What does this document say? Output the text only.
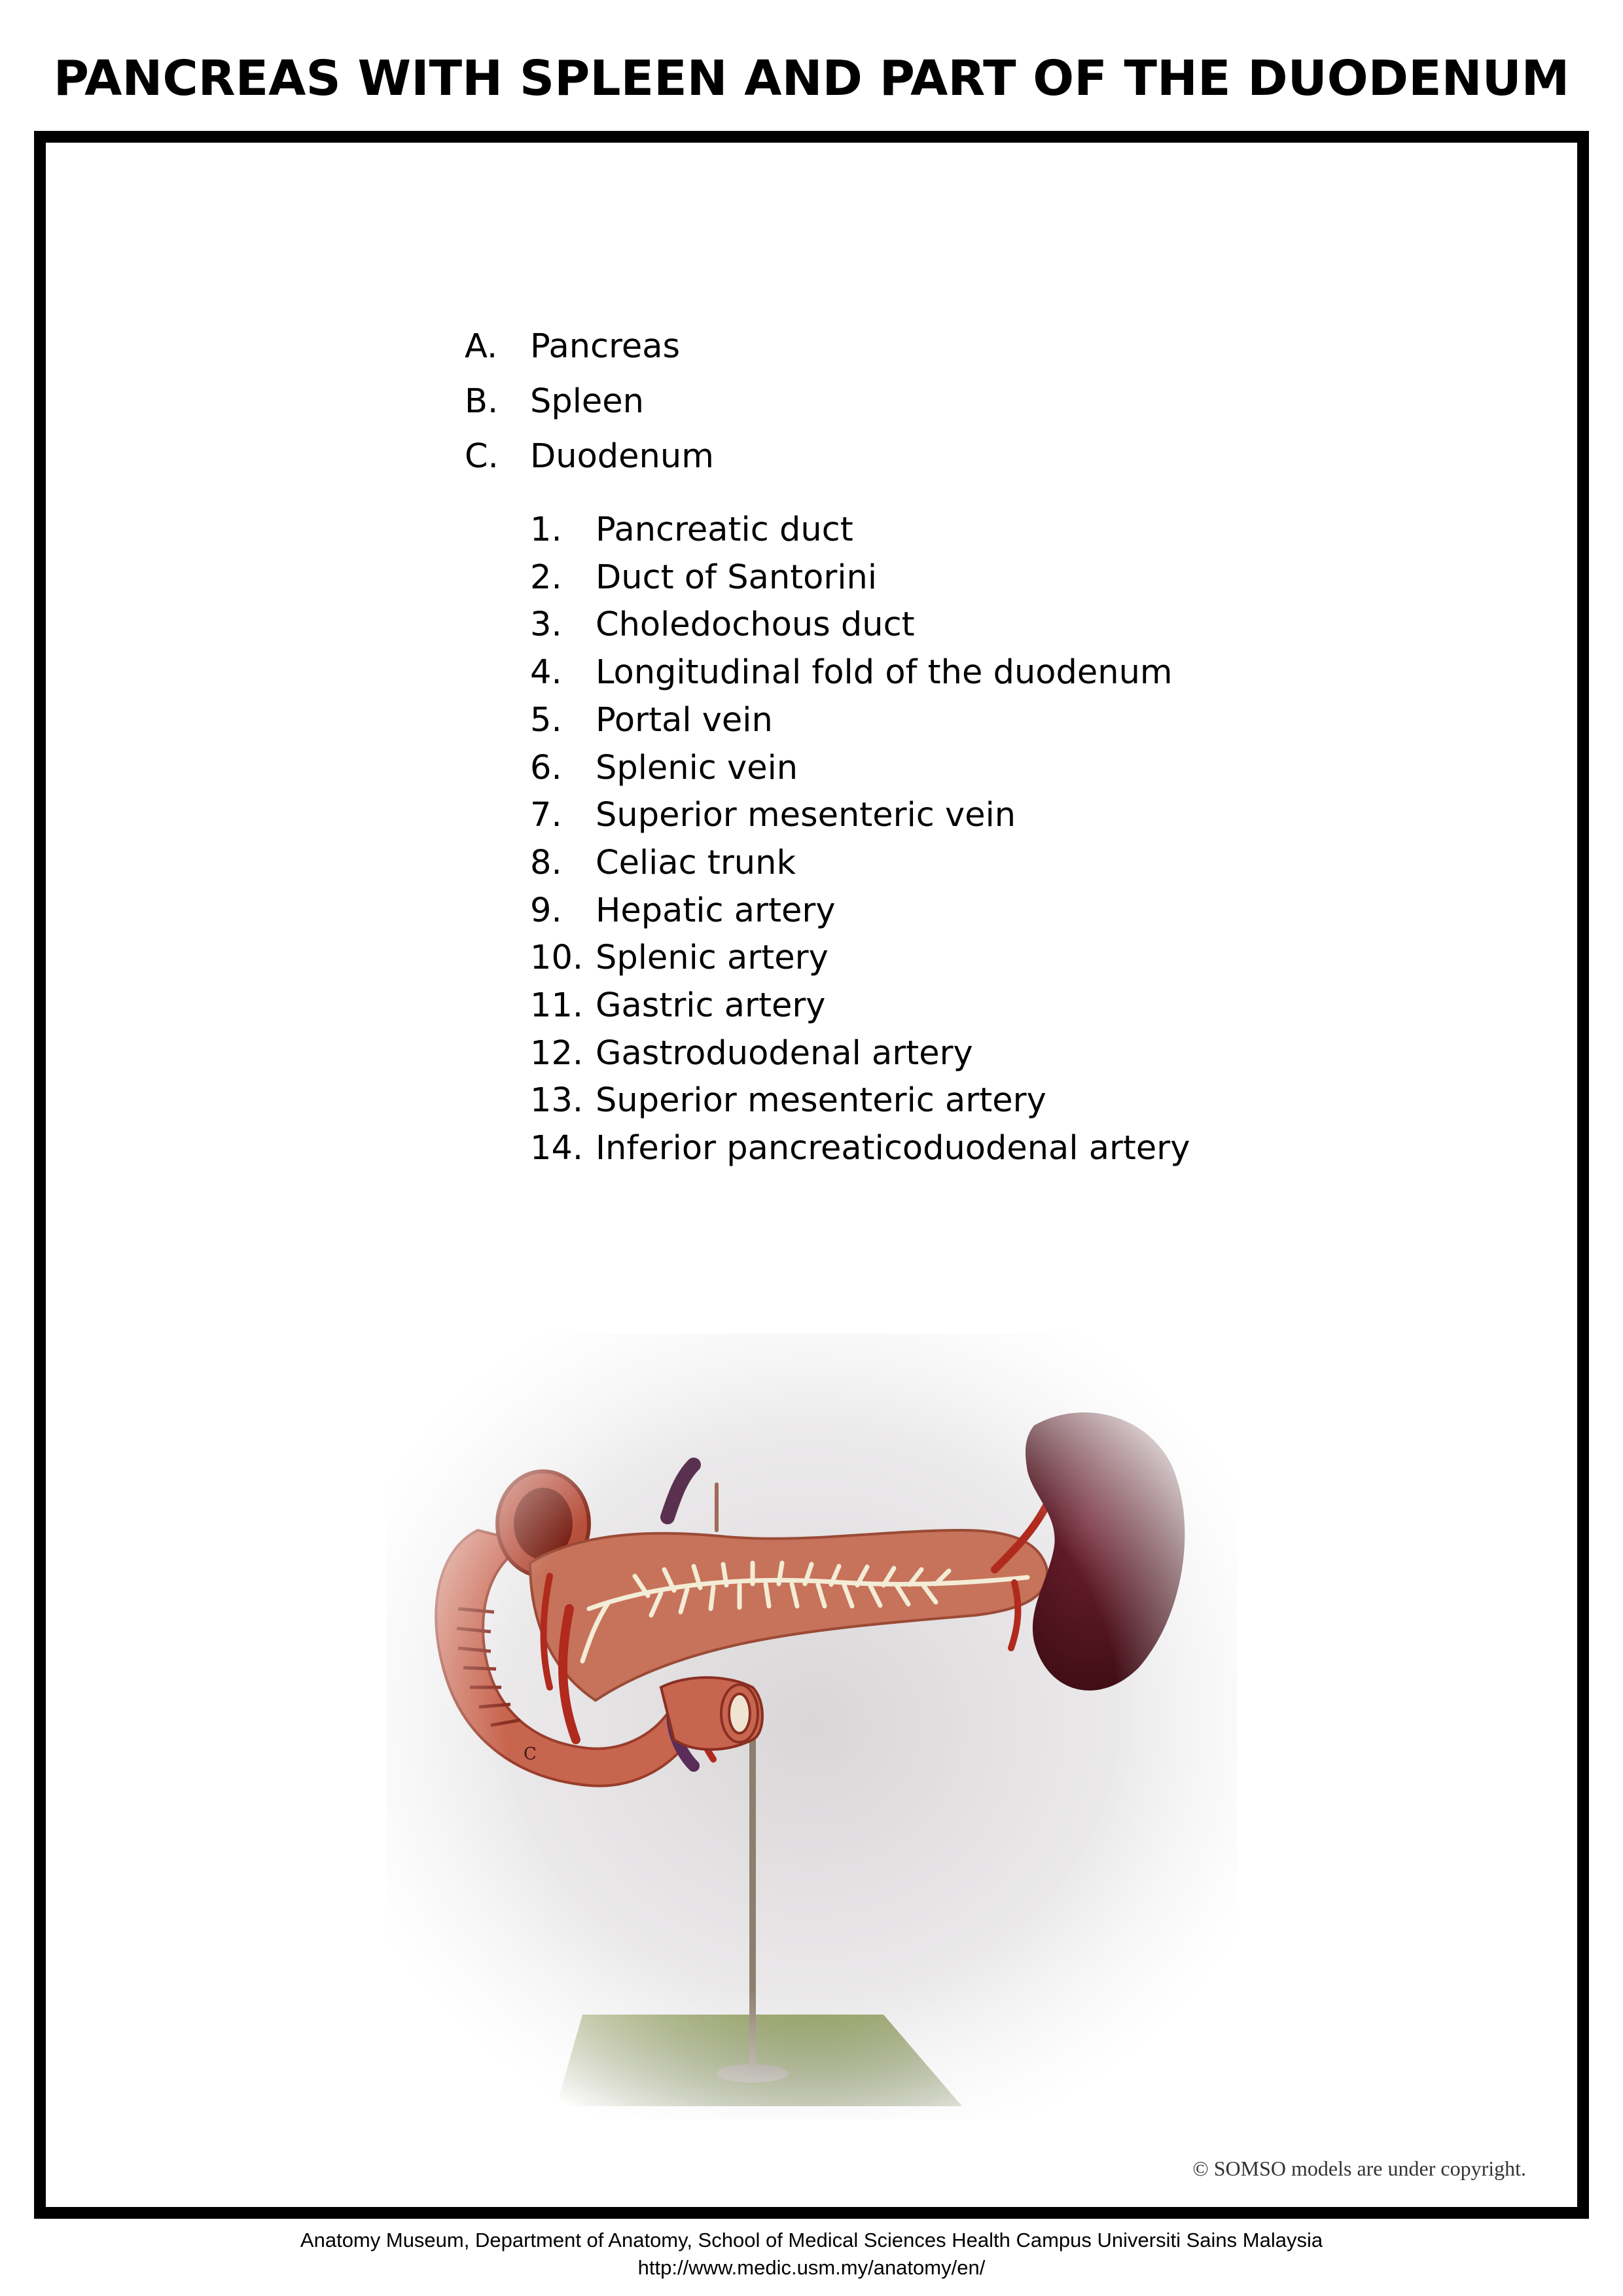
PANCREAS WITH SPLEEN AND PART OF THE DUODENUM
A. Pancreas
B. Spleen
C. Duodenum
1.	Pancreatic duct
2.	Duct of Santorini
3.	Choledochous duct
4.	Longitudinal fold of the duodenum
5.	Portal vein
6.	Splenic vein
7.	Superior mesenteric vein
8.	Celiac trunk
9.	Hepatic artery
10. Splenic artery
11. Gastric artery
12. Gastroduodenal artery
13. Superior mesenteric artery
14. Inferior pancreaticoduodenal artery
© SOMSO models are under copyright.
Anatomy Museum, Department of Anatomy, School of Medical Sciences Health Campus Universiti Sains Malaysia
http://www.medic.usm.my/anatomy/en/
